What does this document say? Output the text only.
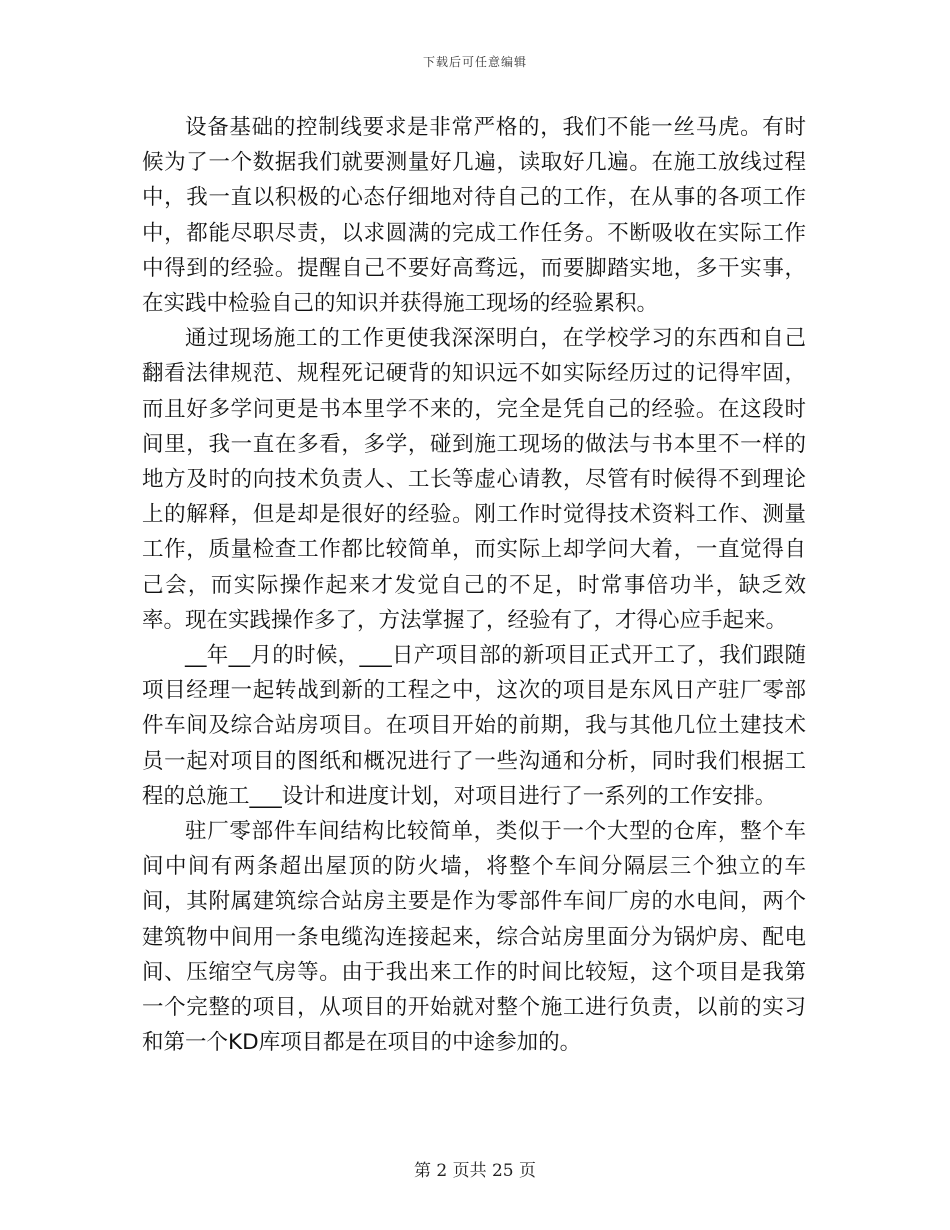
下载后可任意编辑

设备基础的控制线要求是非常严格的，我们不能一丝马虎。有时候为了一个数据我们就要测量好几遍，读取好几遍。在施工放线过程中，我一直以积极的心态仔细地对待自己的工作，在从事的各项工作中，都能尽职尽责，以求圆满的完成工作任务。不断吸收在实际工作中得到的经验。提醒自己不要好高骛远，而要脚踏实地，多干实事，在实践中检验自己的知识并获得施工现场的经验累积。

通过现场施工的工作更使我深深明白，在学校学习的东西和自己翻看法律规范、规程死记硬背的知识远不如实际经历过的记得牢固，而且好多学问更是书本里学不来的，完全是凭自己的经验。在这段时间里，我一直在多看，多学，碰到施工现场的做法与书本里不一样的地方及时的向技术负责人、工长等虚心请教，尽管有时候得不到理论上的解释，但是却是很好的经验。刚工作时觉得技术资料工作、测量工作，质量检查工作都比较简单，而实际上却学问大着，一直觉得自己会，而实际操作起来才发觉自己的不足，时常事倍功半，缺乏效率。现在实践操作多了，方法掌握了，经验有了，才得心应手起来。

__年__月的时候，___日产项目部的新项目正式开工了，我们跟随项目经理一起转战到新的工程之中，这次的项目是东风日产驻厂零部件车间及综合站房项目。在项目开始的前期，我与其他几位土建技术员一起对项目的图纸和概况进行了一些沟通和分析，同时我们根据工程的总施工___设计和进度计划，对项目进行了一系列的工作安排。

驻厂零部件车间结构比较简单，类似于一个大型的仓库，整个车间中间有两条超出屋顶的防火墙，将整个车间分隔层三个独立的车间，其附属建筑综合站房主要是作为零部件车间厂房的水电间，两个建筑物中间用一条电缆沟连接起来，综合站房里面分为锅炉房、配电间、压缩空气房等。由于我出来工作的时间比较短，这个项目是我第一个完整的项目，从项目的开始就对整个施工进行负责，以前的实习和第一个KD库项目都是在项目的中途参加的。

第 2 页共 25 页
